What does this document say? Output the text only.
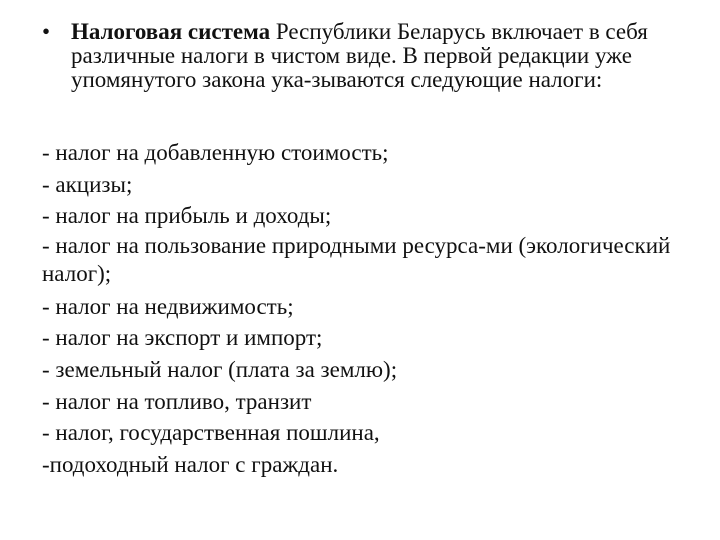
• Налоговая система Республики Беларусь включает в себя различные налоги в чистом виде. В первой редакции уже упомянутого закона ука-зываются следующие налоги:
- налог на добавленную стоимость;
- акцизы;
- налог на прибыль и доходы;
- налог на пользование природными ресурса-ми (экологический налог);
- налог на недвижимость;
- налог на экспорт и импорт;
- земельный налог (плата за землю);
- налог на топливо, транзит
- налог, государственная пошлина,
-подоходный налог с граждан.
